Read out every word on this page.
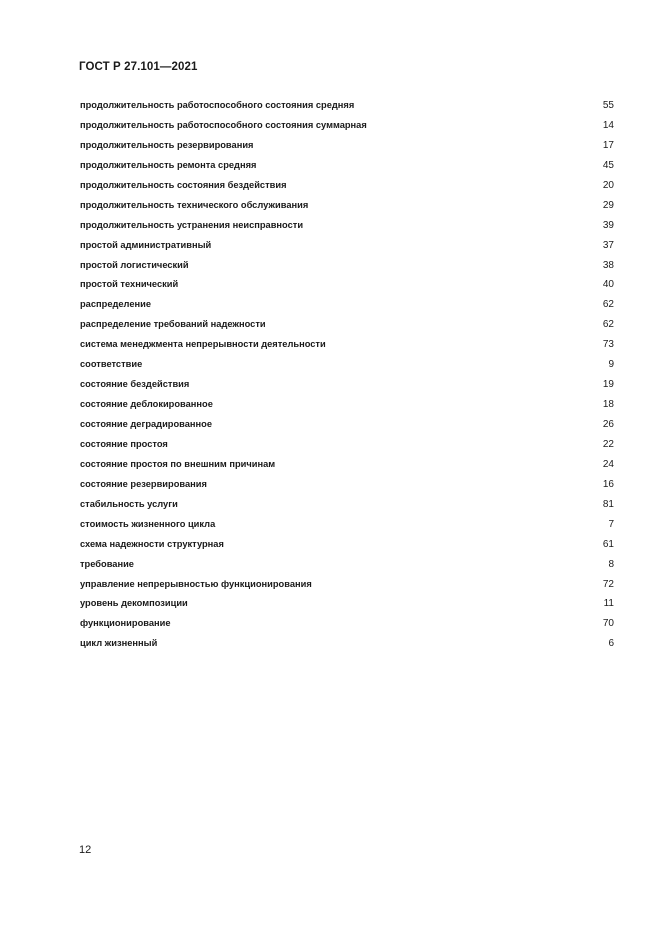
ГОСТ Р 27.101—2021
продолжительность работоспособного состояния средняя	55
продолжительность работоспособного состояния суммарная	14
продолжительность резервирования	17
продолжительность ремонта средняя	45
продолжительность состояния бездействия	20
продолжительность технического обслуживания	29
продолжительность устранения неисправности	39
простой административный	37
простой логистический	38
простой технический	40
распределение	62
распределение требований надежности	62
система менеджмента непрерывности деятельности	73
соответствие	9
состояние бездействия	19
состояние деблокированное	18
состояние деградированное	26
состояние простоя	22
состояние простоя по внешним причинам	24
состояние резервирования	16
стабильность услуги	81
стоимость жизненного цикла	7
схема надежности структурная	61
требование	8
управление непрерывностью функционирования	72
уровень декомпозиции	11
функционирование	70
цикл жизненный	6
12
